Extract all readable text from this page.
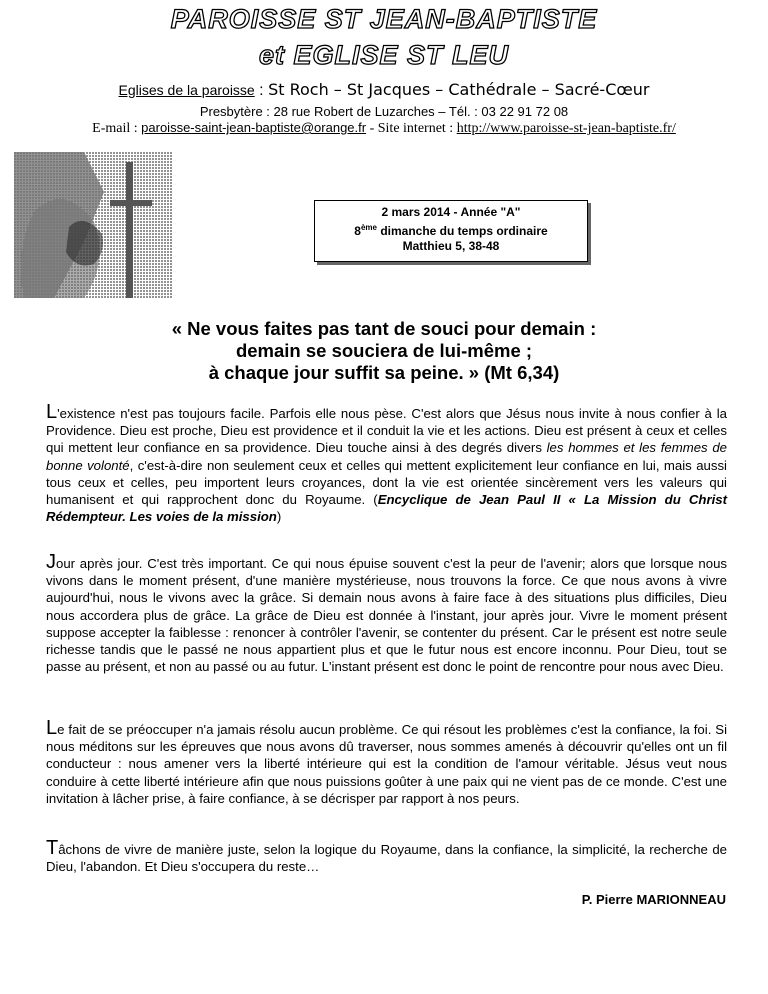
PAROISSE ST JEAN-BAPTISTE
et EGLISE ST LEU
Eglises de la paroisse : St Roch – St Jacques – Cathédrale – Sacré-Cœur
Presbytère : 28 rue Robert de Luzarches – Tél. : 03 22 91 72 08
E-mail : paroisse-saint-jean-baptiste@orange.fr - Site internet : http://www.paroisse-st-jean-baptiste.fr/
2 mars 2014 - Année "A"
8ème dimanche du temps ordinaire
Matthieu 5, 38-48
« Ne vous faites pas tant de souci pour demain :
demain se souciera de lui-même ;
à chaque jour suffit sa peine. » (Mt 6,34)
L'existence n'est pas toujours facile. Parfois elle nous pèse. C'est alors que Jésus nous invite à nous confier à la Providence. Dieu est proche, Dieu est providence et il conduit la vie et les actions. Dieu est présent à ceux et celles qui mettent leur confiance en sa providence. Dieu touche ainsi à des degrés divers les hommes et les femmes de bonne volonté, c'est-à-dire non seulement ceux et celles qui mettent explicitement leur confiance en lui, mais aussi tous ceux et celles, peu importent leurs croyances, dont la vie est orientée sincèrement vers les valeurs qui humanisent et qui rapprochent donc du Royaume. (Encyclique de Jean Paul II « La Mission du Christ Rédempteur. Les voies de la mission)
Jour après jour. C'est très important. Ce qui nous épuise souvent c'est la peur de l'avenir; alors que lorsque nous vivons dans le moment présent, d'une manière mystérieuse, nous trouvons la force. Ce que nous avons à vivre aujourd'hui, nous le vivons avec la grâce. Si demain nous avons à faire face à des situations plus difficiles, Dieu nous accordera plus de grâce. La grâce de Dieu est donnée à l'instant, jour après jour. Vivre le moment présent suppose accepter la faiblesse : renoncer à contrôler l'avenir, se contenter du présent. Car le présent est notre seule richesse tandis que le passé ne nous appartient plus et que le futur nous est encore inconnu. Pour Dieu, tout se passe au présent, et non au passé ou au futur. L'instant présent est donc le point de rencontre pour nous avec Dieu.
Le fait de se préoccuper n'a jamais résolu aucun problème. Ce qui résout les problèmes c'est la confiance, la foi. Si nous méditons sur les épreuves que nous avons dû traverser, nous sommes amenés à découvrir qu'elles ont un fil conducteur : nous amener vers la liberté intérieure qui est la condition de l'amour véritable. Jésus veut nous conduire à cette liberté intérieure afin que nous puissions goûter à une paix qui ne vient pas de ce monde. C'est une invitation à lâcher prise, à faire confiance, à se décrisper par rapport à nos peurs.
Tâchons de vivre de manière juste, selon la logique du Royaume, dans la confiance, la simplicité, la recherche de Dieu, l'abandon. Et Dieu s'occupera du reste…
P. Pierre MARIONNEAU
